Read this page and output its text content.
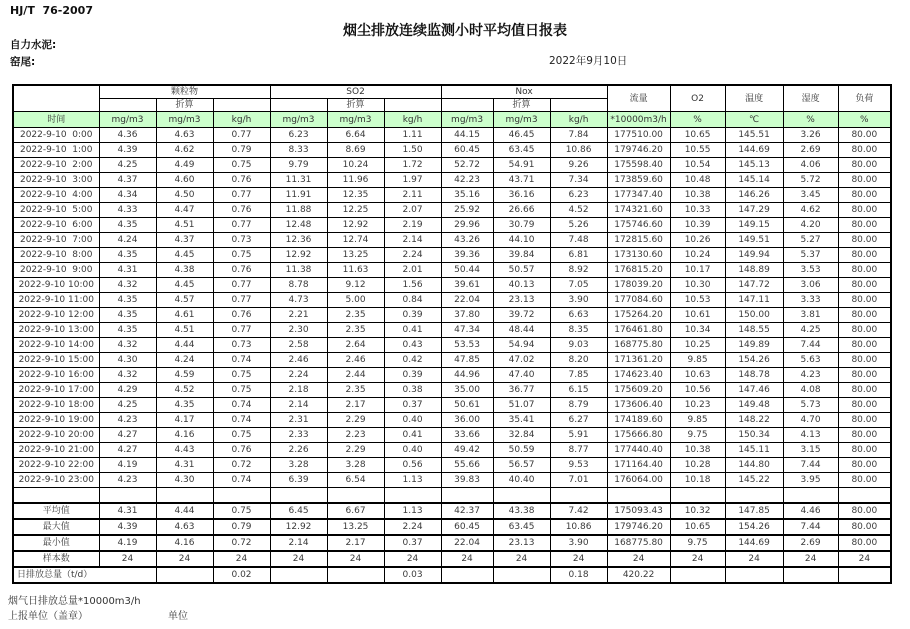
HJ/T  76-2007
烟尘排放连续监测小时平均值日报表
自力水泥:
窑尾:	2022年9月10日
	颗粒物			SO2			Nox			流量	O2	温度	湿度	负荷
		折算			折算			折算						
时间	mg/m3	mg/m3	kg/h	mg/m3	mg/m3	kg/h	mg/m3	mg/m3	kg/h	*10000m3/h	%	℃	%	%
2022-9-10  0:00	4.36	4.63	0.77	6.23	6.64	1.11	44.15	46.45	7.84	177510.00	10.65	145.51	3.26	80.00
2022-9-10  1:00	4.39	4.62	0.79	8.33	8.69	1.50	60.45	63.45	10.86	179746.20	10.55	144.69	2.69	80.00
2022-9-10  2:00	4.25	4.49	0.75	9.79	10.24	1.72	52.72	54.91	9.26	175598.40	10.54	145.13	4.06	80.00
2022-9-10  3:00	4.37	4.60	0.76	11.31	11.96	1.97	42.23	43.71	7.34	173859.60	10.48	145.14	5.72	80.00
2022-9-10  4:00	4.34	4.50	0.77	11.91	12.35	2.11	35.16	36.16	6.23	177347.40	10.38	146.26	3.45	80.00
2022-9-10  5:00	4.33	4.47	0.76	11.88	12.25	2.07	25.92	26.66	4.52	174321.60	10.33	147.29	4.62	80.00
2022-9-10  6:00	4.35	4.51	0.77	12.48	12.92	2.19	29.96	30.79	5.26	175746.60	10.39	149.15	4.20	80.00
2022-9-10  7:00	4.24	4.37	0.73	12.36	12.74	2.14	43.26	44.10	7.48	172815.60	10.26	149.51	5.27	80.00
2022-9-10  8:00	4.35	4.45	0.75	12.92	13.25	2.24	39.36	39.84	6.81	173130.60	10.24	149.94	5.37	80.00
2022-9-10  9:00	4.31	4.38	0.76	11.38	11.63	2.01	50.44	50.57	8.92	176815.20	10.17	148.89	3.53	80.00
2022-9-10 10:00	4.32	4.45	0.77	8.78	9.12	1.56	39.61	40.13	7.05	178039.20	10.30	147.72	3.06	80.00
2022-9-10 11:00	4.35	4.57	0.77	4.73	5.00	0.84	22.04	23.13	3.90	177084.60	10.53	147.11	3.33	80.00
2022-9-10 12:00	4.35	4.61	0.76	2.21	2.35	0.39	37.80	39.72	6.63	175264.20	10.61	150.00	3.81	80.00
2022-9-10 13:00	4.35	4.51	0.77	2.30	2.35	0.41	47.34	48.44	8.35	176461.80	10.34	148.55	4.25	80.00
2022-9-10 14:00	4.32	4.44	0.73	2.58	2.64	0.43	53.53	54.94	9.03	168775.80	10.25	149.89	7.44	80.00
2022-9-10 15:00	4.30	4.24	0.74	2.46	2.46	0.42	47.85	47.02	8.20	171361.20	9.85	154.26	5.63	80.00
2022-9-10 16:00	4.32	4.59	0.75	2.24	2.44	0.39	44.96	47.40	7.85	174623.40	10.63	148.78	4.23	80.00
2022-9-10 17:00	4.29	4.52	0.75	2.18	2.35	0.38	35.00	36.77	6.15	175609.20	10.56	147.46	4.08	80.00
2022-9-10 18:00	4.25	4.35	0.74	2.14	2.17	0.37	50.61	51.07	8.79	173606.40	10.23	149.48	5.73	80.00
2022-9-10 19:00	4.23	4.17	0.74	2.31	2.29	0.40	36.00	35.41	6.27	174189.60	9.85	148.22	4.70	80.00
2022-9-10 20:00	4.27	4.16	0.75	2.33	2.23	0.41	33.66	32.84	5.91	175666.80	9.75	150.34	4.13	80.00
2022-9-10 21:00	4.27	4.43	0.76	2.26	2.29	0.40	49.42	50.59	8.77	177440.40	10.38	145.11	3.15	80.00
2022-9-10 22:00	4.19	4.31	0.72	3.28	3.28	0.56	55.66	56.57	9.53	171164.40	10.28	144.80	7.44	80.00
2022-9-10 23:00	4.23	4.30	0.74	6.39	6.54	1.13	39.83	40.40	7.01	176064.00	10.18	145.22	3.95	80.00

平均值	4.31	4.44	0.75	6.45	6.67	1.13	42.37	43.38	7.42	175093.43	10.32	147.85	4.46	80.00
最大值	4.39	4.63	0.79	12.92	13.25	2.24	60.45	63.45	10.86	179746.20	10.65	154.26	7.44	80.00
最小值	4.19	4.16	0.72	2.14	2.17	0.37	22.04	23.13	3.90	168775.80	9.75	144.69	2.69	80.00
样本数	24	24	24	24	24	24	24	24	24	24	24	24	24	24
日排放总量（t/d）			0.02			0.03			0.18	420.22				
烟气日排放总量*10000m3/h
上报单位（盖章）	单位
